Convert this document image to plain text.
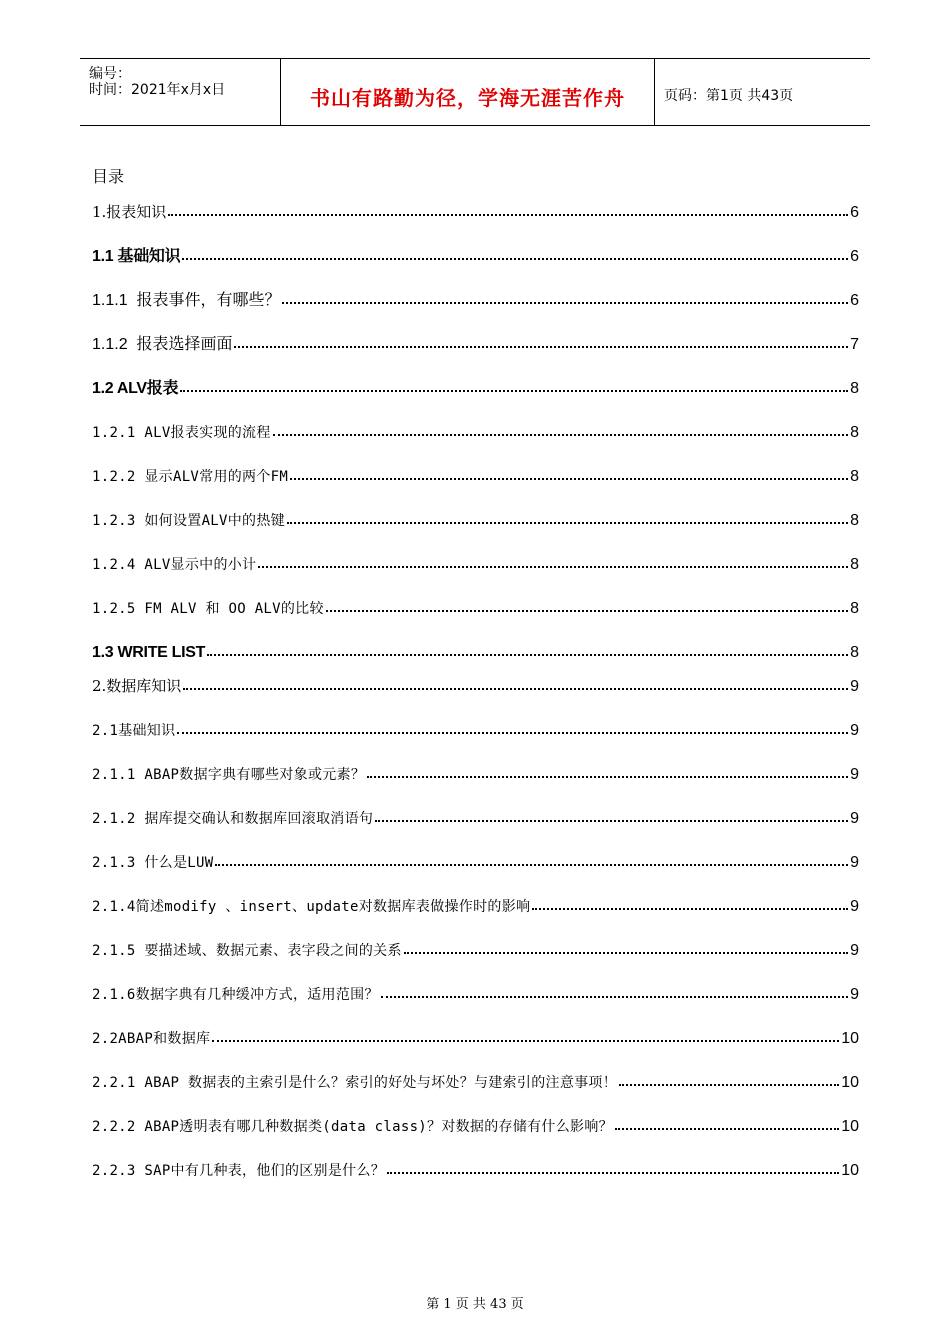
编号：
时间：2021年x月x日	书山有路勤为径，学海无涯苦作舟	页码：第1页 共43页
目录
1.报表知识	6
1.1 基础知识	6
1.1.1  报表事件，有哪些？	6
1.1.2  报表选择画面	7
1.2 ALV报表	8
1.2.1 ALV报表实现的流程	8
1.2.2 显示ALV常用的两个FM	8
1.2.3 如何设置ALV中的热键	8
1.2.4 ALV显示中的小计	8
1.2.5 FM ALV 和 OO ALV的比较	8
1.3 WRITE LIST	8
2.数据库知识	9
2.1基础知识	9
2.1.1 ABAP数据字典有哪些对象或元素？	9
2.1.2 据库提交确认和数据库回滚取消语句	9
2.1.3 什么是LUW	9
2.1.4简述modify 、insert、update对数据库表做操作时的影响	9
2.1.5 要描述域、数据元素、表字段之间的关系	9
2.1.6数据字典有几种缓冲方式，适用范围？	9
2.2ABAP和数据库	10
2.2.1 ABAP 数据表的主索引是什么？索引的好处与坏处？与建索引的注意事项！	10
2.2.2 ABAP透明表有哪几种数据类(data class)？对数据的存储有什么影响？	10
2.2.3 SAP中有几种表，他们的区别是什么？	10
第 1 页 共 43 页
